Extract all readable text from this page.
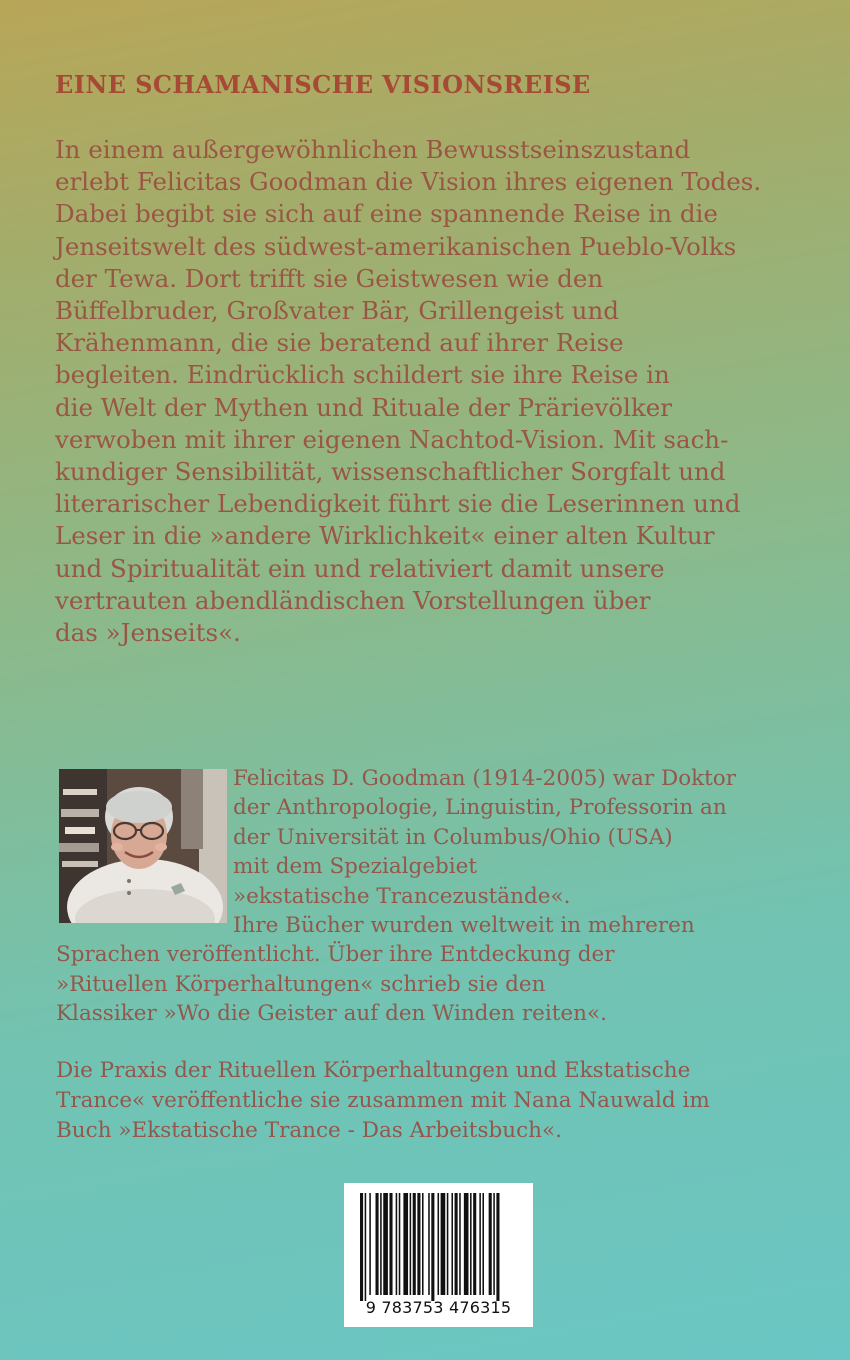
EINE SCHAMANISCHE VISIONSREISE
In einem außergewöhnlichen Bewusstseinszustand
erlebt Felicitas Goodman die Vision ihres eigenen Todes.
Dabei begibt sie sich auf eine spannende Reise in die
Jenseitswelt des südwest-amerikanischen Pueblo-Volks
der Tewa. Dort trifft sie Geistwesen wie den
Büffelbruder, Großvater Bär, Grillengeist und
Krähenmann, die sie beratend auf ihrer Reise
begleiten. Eindrücklich schildert sie ihre Reise in
die Welt der Mythen und Rituale der Prärievölker
verwoben mit ihrer eigenen Nachtod-Vision. Mit sach-
kundiger Sensibilität, wissenschaftlicher Sorgfalt und
literarischer Lebendigkeit führt sie die Leserinnen und
Leser in die »andere Wirklichkeit« einer alten Kultur
und Spiritualität ein und relativiert damit unsere
vertrauten abendländischen Vorstellungen über
das »Jenseits«.
Felicitas D. Goodman (1914-2005) war Doktor
der Anthropologie, Linguistin, Professorin an
der Universität in Columbus/Ohio (USA)
mit dem Spezialgebiet
»ekstatische Trancezustände«.
Ihre Bücher wurden weltweit in mehreren
Sprachen veröffentlicht. Über ihre Entdeckung der
»Rituellen Körperhaltungen« schrieb sie den
Klassiker »Wo die Geister auf den Winden reiten«.
Die Praxis der Rituellen Körperhaltungen und Ekstatische
Trance« veröffentliche sie zusammen mit Nana Nauwald im
Buch »Ekstatische Trance - Das Arbeitsbuch«.
9 783753 476315
